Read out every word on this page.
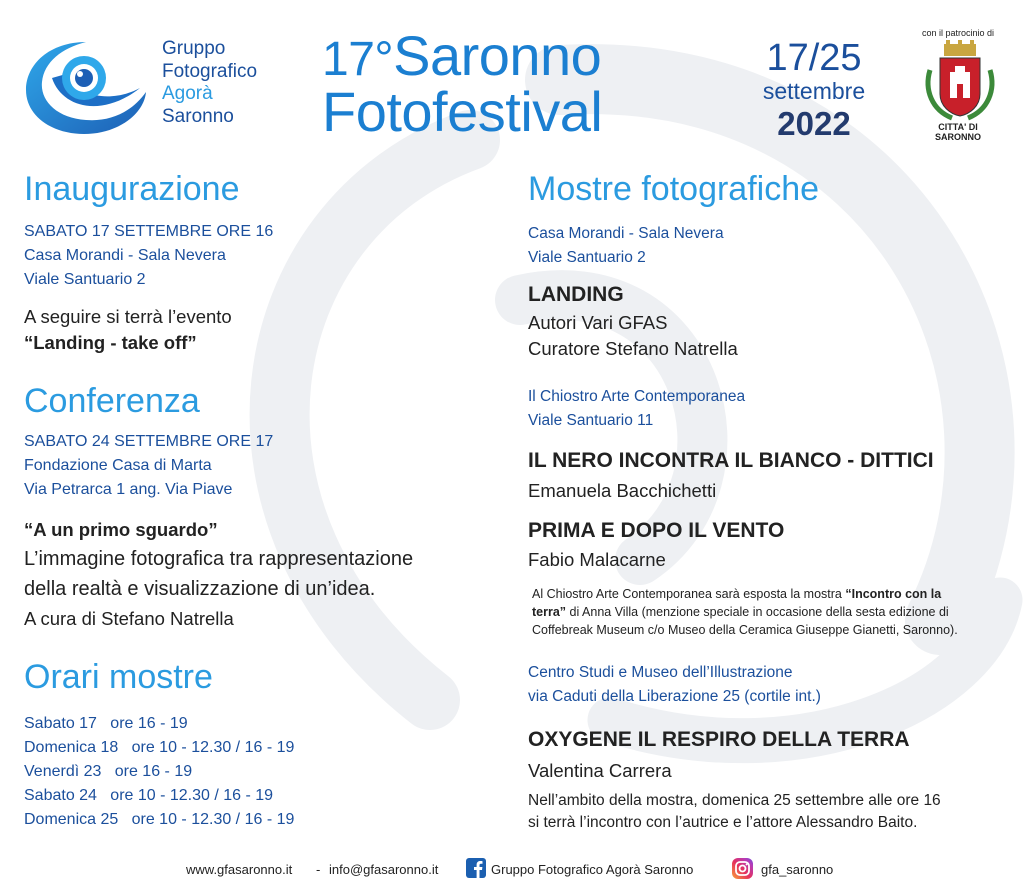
Gruppo
Fotografico
Agorà
Saronno
17°Saronno
Fotofestival
17/25
settembre
2022
con il patrocinio di
CITTA' DI
SARONNO
Inaugurazione
SABATO 17 SETTEMBRE ORE 16
Casa Morandi - Sala Nevera
Viale Santuario 2
A seguire si terrà l’evento
“Landing - take off”
Conferenza
SABATO 24 SETTEMBRE ORE 17
Fondazione Casa di Marta
Via Petrarca 1 ang. Via Piave
“A un primo sguardo”
L’immagine fotografica tra rappresentazione
della realtà e visualizzazione di un’idea.
A cura di Stefano Natrella
Orari mostre
Sabato 17   ore 16 - 19
Domenica 18   ore 10 - 12.30 / 16 - 19
Venerdì 23   ore 16 - 19
Sabato 24   ore 10 - 12.30 / 16 - 19
Domenica 25   ore 10 - 12.30 / 16 - 19
Mostre fotografiche
Casa Morandi - Sala Nevera
Viale Santuario 2
LANDING
Autori Vari GFAS
Curatore Stefano Natrella
Il Chiostro Arte Contemporanea
Viale Santuario 11
IL NERO INCONTRA IL BIANCO - DITTICI
Emanuela Bacchichetti
PRIMA E DOPO IL VENTO
Fabio Malacarne
Al Chiostro Arte Contemporanea sarà esposta la mostra “Incontro con la
terra” di Anna Villa (menzione speciale in occasione della sesta edizione di
Coffebreak Museum c/o Museo della Ceramica Giuseppe Gianetti, Saronno).
Centro Studi e Museo dell’Illustrazione
via Caduti della Liberazione 25 (cortile int.)
OXYGENE IL RESPIRO DELLA TERRA
Valentina Carrera
Nell’ambito della mostra, domenica 25 settembre alle ore 16
si terrà l’incontro con l’autrice e l’attore Alessandro Baito.
www.gfasaronno.it - info@gfasaronno.it	Gruppo Fotografico Agorà Saronno	gfa_saronno
